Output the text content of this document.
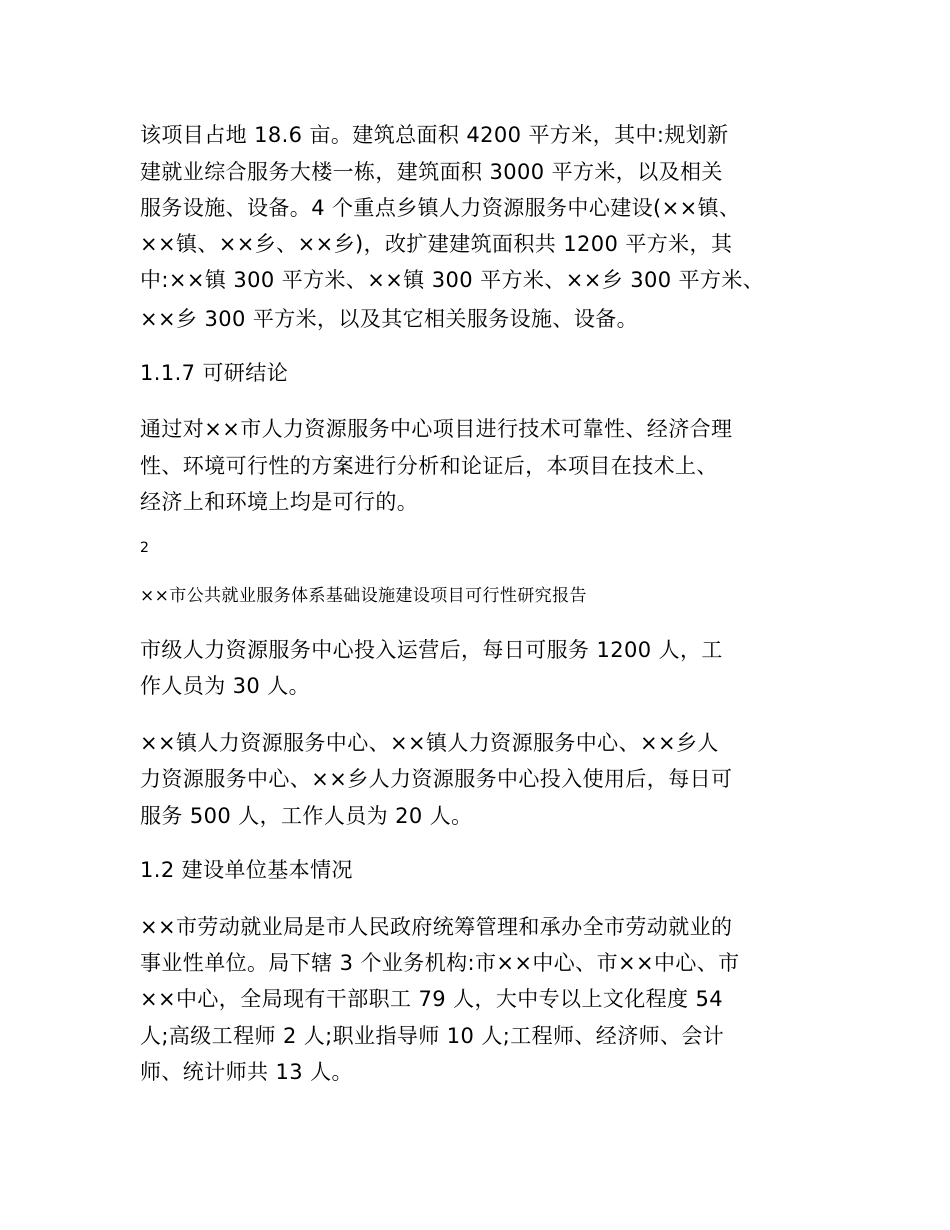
该项目占地 18.6 亩。建筑总面积 4200 平方米，其中:规划新
建就业综合服务大楼一栋，建筑面积 3000 平方米，以及相关
服务设施、设备。4 个重点乡镇人力资源服务中心建设(××镇、
××镇、××乡、××乡)，改扩建建筑面积共 1200 平方米，其
中:××镇 300 平方米、××镇 300 平方米、××乡 300 平方米、
××乡 300 平方米，以及其它相关服务设施、设备。
1.1.7 可研结论
通过对××市人力资源服务中心项目进行技术可靠性、经济合理
性、环境可行性的方案进行分析和论证后，本项目在技术上、
经济上和环境上均是可行的。
2
××市公共就业服务体系基础设施建设项目可行性研究报告
市级人力资源服务中心投入运营后，每日可服务 1200 人，工
作人员为 30 人。
××镇人力资源服务中心、××镇人力资源服务中心、××乡人
力资源服务中心、××乡人力资源服务中心投入使用后，每日可
服务 500 人，工作人员为 20 人。
1.2 建设单位基本情况
××市劳动就业局是市人民政府统筹管理和承办全市劳动就业的
事业性单位。局下辖 3 个业务机构:市××中心、市××中心、市
××中心，全局现有干部职工 79 人，大中专以上文化程度 54
人;高级工程师 2 人;职业指导师 10 人;工程师、经济师、会计
师、统计师共 13 人。
